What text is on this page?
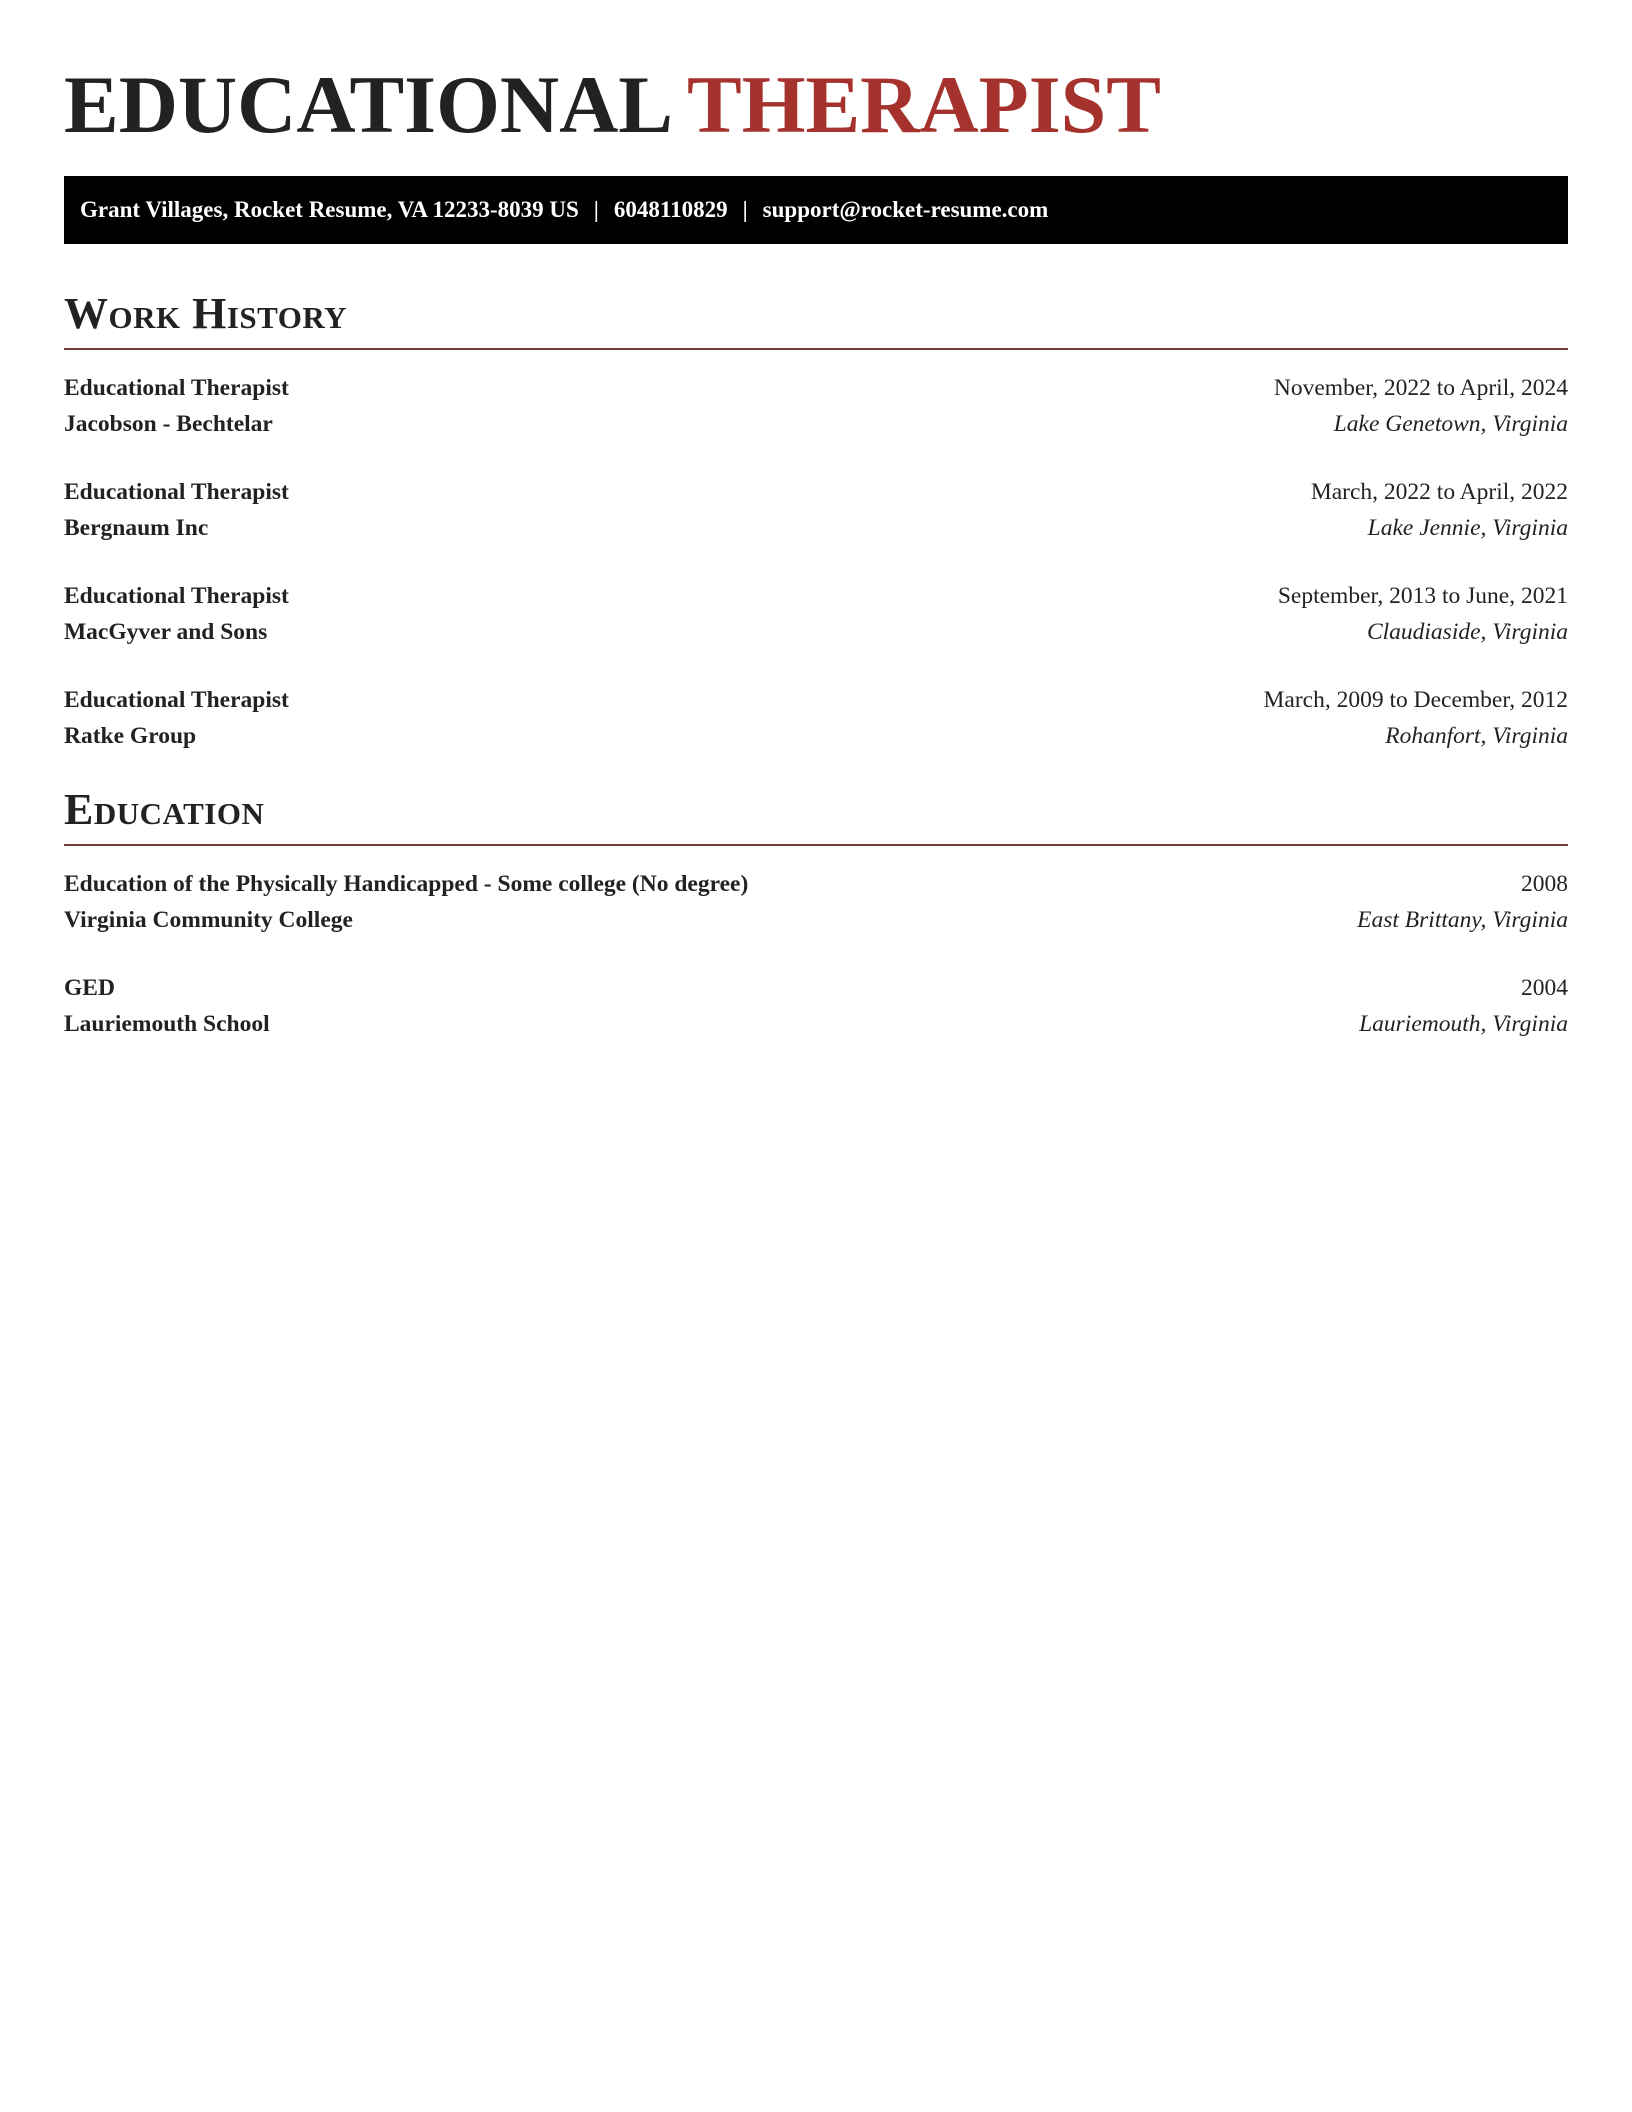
EDUCATIONAL THERAPIST
Grant Villages, Rocket Resume, VA 12233-8039 US | 6048110829 | support@rocket-resume.com
Work History
Educational Therapist	November, 2022 to April, 2024
Jacobson - Bechtelar	Lake Genetown, Virginia
Educational Therapist	March, 2022 to April, 2022
Bergnaum Inc	Lake Jennie, Virginia
Educational Therapist	September, 2013 to June, 2021
MacGyver and Sons	Claudiaside, Virginia
Educational Therapist	March, 2009 to December, 2012
Ratke Group	Rohanfort, Virginia
Education
Education of the Physically Handicapped - Some college (No degree)	2008
Virginia Community College	East Brittany, Virginia
GED	2004
Lauriemouth School	Lauriemouth, Virginia
